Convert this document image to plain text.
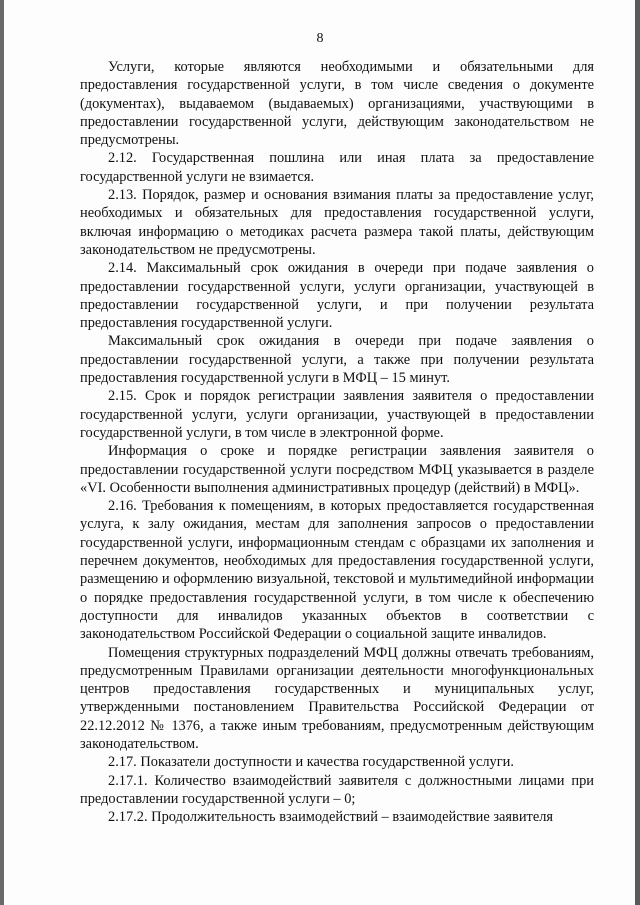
8

Услуги, которые являются необходимыми и обязательными для предоставления государственной услуги, в том числе сведения о документе (документах), выдаваемом (выдаваемых) организациями, участвующими в предоставлении государственной услуги, действующим законодательством не предусмотрены.

2.12. Государственная пошлина или иная плата за предоставление государственной услуги не взимается.

2.13. Порядок, размер и основания взимания платы за предоставление услуг, необходимых и обязательных для предоставления государственной услуги, включая информацию о методиках расчета размера такой платы, действующим законодательством не предусмотрены.

2.14. Максимальный срок ожидания в очереди при подаче заявления о предоставлении государственной услуги, услуги организации, участвующей в предоставлении государственной услуги, и при получении результата предоставления государственной услуги.

Максимальный срок ожидания в очереди при подаче заявления о предоставлении государственной услуги, а также при получении результата предоставления государственной услуги в МФЦ – 15 минут.

2.15. Срок и порядок регистрации заявления заявителя о предоставлении государственной услуги, услуги организации, участвующей в предоставлении государственной услуги, в том числе в электронной форме.

Информация о сроке и порядке регистрации заявления заявителя о предоставлении государственной услуги посредством МФЦ указывается в разделе «VI. Особенности выполнения административных процедур (действий) в МФЦ».

2.16. Требования к помещениям, в которых предоставляется государственная услуга, к залу ожидания, местам для заполнения запросов о предоставлении государственной услуги, информационным стендам с образцами их заполнения и перечнем документов, необходимых для предоставления государственной услуги, размещению и оформлению визуальной, текстовой и мультимедийной информации о порядке предоставления государственной услуги, в том числе к обеспечению доступности для инвалидов указанных объектов в соответствии с законодательством Российской Федерации о социальной защите инвалидов.

Помещения структурных подразделений МФЦ должны отвечать требованиям, предусмотренным Правилами организации деятельности многофункциональных центров предоставления государственных и муниципальных услуг, утвержденными постановлением Правительства Российской Федерации от 22.12.2012 № 1376, а также иным требованиям, предусмотренным действующим законодательством.

2.17. Показатели доступности и качества государственной услуги.

2.17.1. Количество взаимодействий заявителя с должностными лицами при предоставлении государственной услуги – 0;

2.17.2. Продолжительность взаимодействий – взаимодействие заявителя
